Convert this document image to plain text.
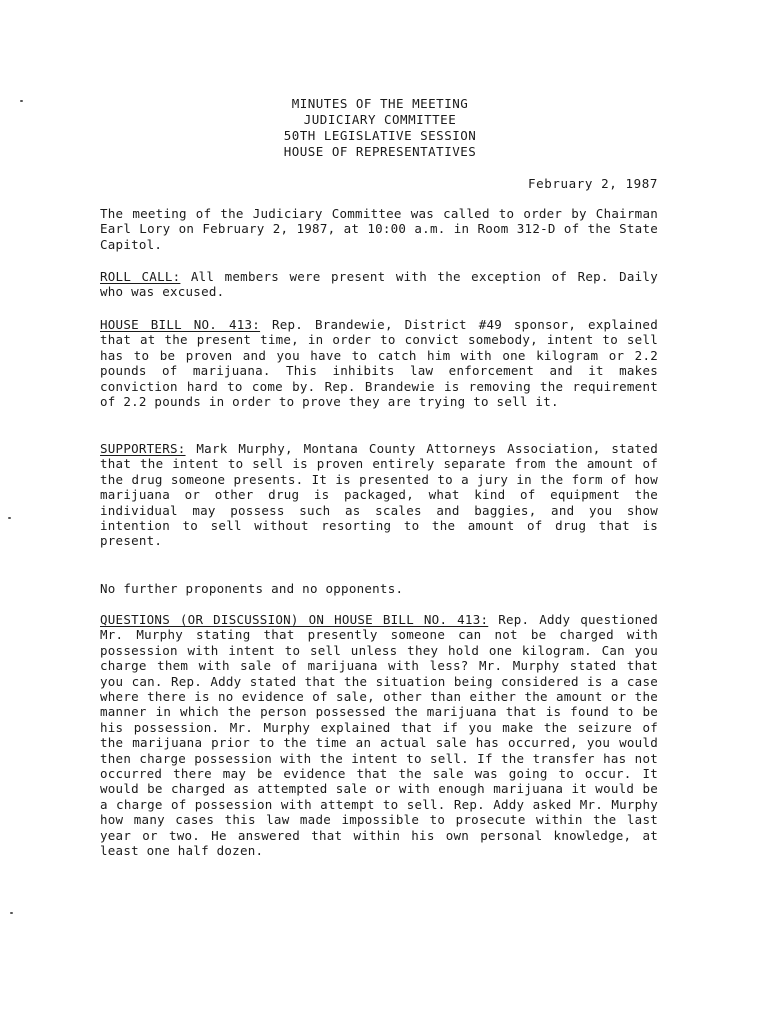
MINUTES OF THE MEETING
JUDICIARY COMMITTEE
50TH LEGISLATIVE SESSION
HOUSE OF REPRESENTATIVES
February 2, 1987

The meeting of the Judiciary Committee was called to order by Chairman Earl Lory on February 2, 1987, at 10:00 a.m. in Room 312-D of the State Capitol.

ROLL CALL: All members were present with the exception of Rep. Daily who was excused.

HOUSE BILL NO. 413: Rep. Brandewie, District #49 sponsor, explained that at the present time, in order to convict somebody, intent to sell has to be proven and you have to catch him with one kilogram or 2.2 pounds of marijuana. This inhibits law enforcement and it makes conviction hard to come by. Rep. Brandewie is removing the requirement of 2.2 pounds in order to prove they are trying to sell it.

SUPPORTERS: Mark Murphy, Montana County Attorneys Association, stated that the intent to sell is proven entirely separate from the amount of the drug someone presents. It is presented to a jury in the form of how marijuana or other drug is packaged, what kind of equipment the individual may possess such as scales and baggies, and you show intention to sell without resorting to the amount of drug that is present.

No further proponents and no opponents.

QUESTIONS (OR DISCUSSION) ON HOUSE BILL NO. 413: Rep. Addy questioned Mr. Murphy stating that presently someone can not be charged with possession with intent to sell unless they hold one kilogram. Can you charge them with sale of marijuana with less? Mr. Murphy stated that you can. Rep. Addy stated that the situation being considered is a case where there is no evidence of sale, other than either the amount or the manner in which the person possessed the marijuana that is found to be his possession. Mr. Murphy explained that if you make the seizure of the marijuana prior to the time an actual sale has occurred, you would then charge possession with the intent to sell. If the transfer has not occurred there may be evidence that the sale was going to occur. It would be charged as attempted sale or with enough marijuana it would be a charge of possession with attempt to sell. Rep. Addy asked Mr. Murphy how many cases this law made impossible to prosecute within the last year or two. He answered that within his own personal knowledge, at least one half dozen.
